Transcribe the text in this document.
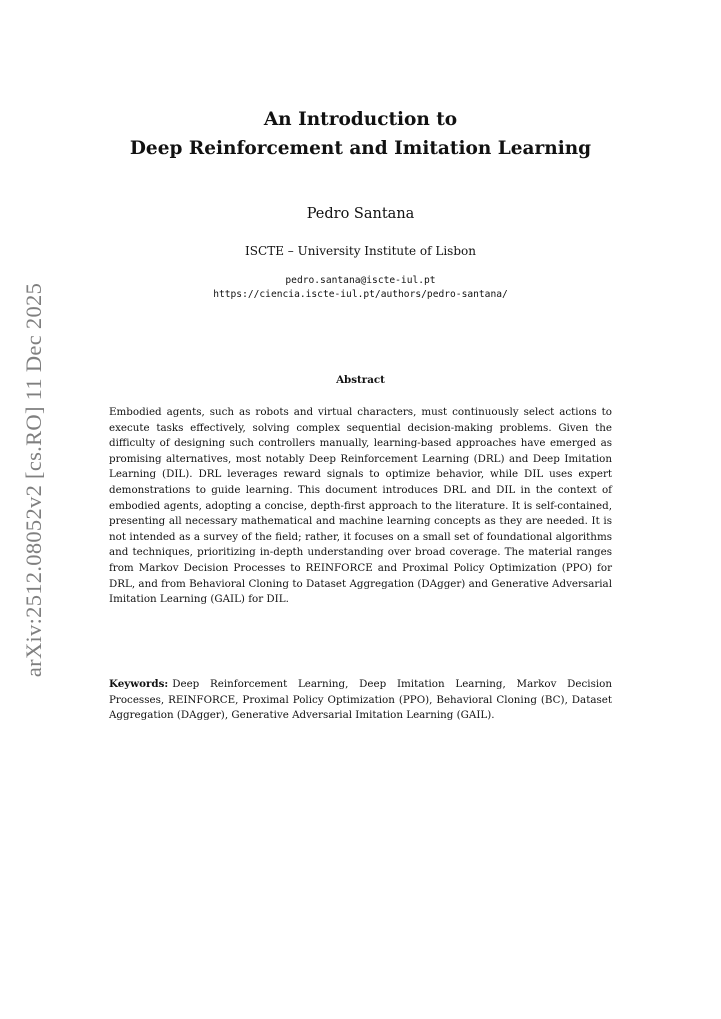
arXiv:2512.08052v2 [cs.RO] 11 Dec 2025
An Introduction to
Deep Reinforcement and Imitation Learning
Pedro Santana
ISCTE – University Institute of Lisbon
pedro.santana@iscte-iul.pt
https://ciencia.iscte-iul.pt/authors/pedro-santana/
Abstract

Embodied agents, such as robots and virtual characters, must continuously select actions to execute tasks effectively, solving complex sequential decision-making problems. Given the difficulty of designing such controllers manually, learning-based approaches have emerged as promising alternatives, most notably Deep Reinforcement Learning (DRL) and Deep Imitation Learning (DIL). DRL leverages reward signals to optimize behavior, while DIL uses expert demonstrations to guide learning. This document introduces DRL and DIL in the context of embodied agents, adopting a concise, depth-first approach to the literature. It is self-contained, presenting all necessary mathematical and machine learning concepts as they are needed. It is not intended as a survey of the field; rather, it focuses on a small set of foundational algorithms and techniques, prioritizing in-depth understanding over broad coverage. The material ranges from Markov Decision Processes to REINFORCE and Proximal Policy Optimization (PPO) for DRL, and from Behavioral Cloning to Dataset Aggregation (DAgger) and Generative Adversarial Imitation Learning (GAIL) for DIL.

Keywords: Deep Reinforcement Learning, Deep Imitation Learning, Markov Decision Processes, REINFORCE, Proximal Policy Optimization (PPO), Behavioral Cloning (BC), Dataset Aggregation (DAgger), Generative Adversarial Imitation Learning (GAIL).
